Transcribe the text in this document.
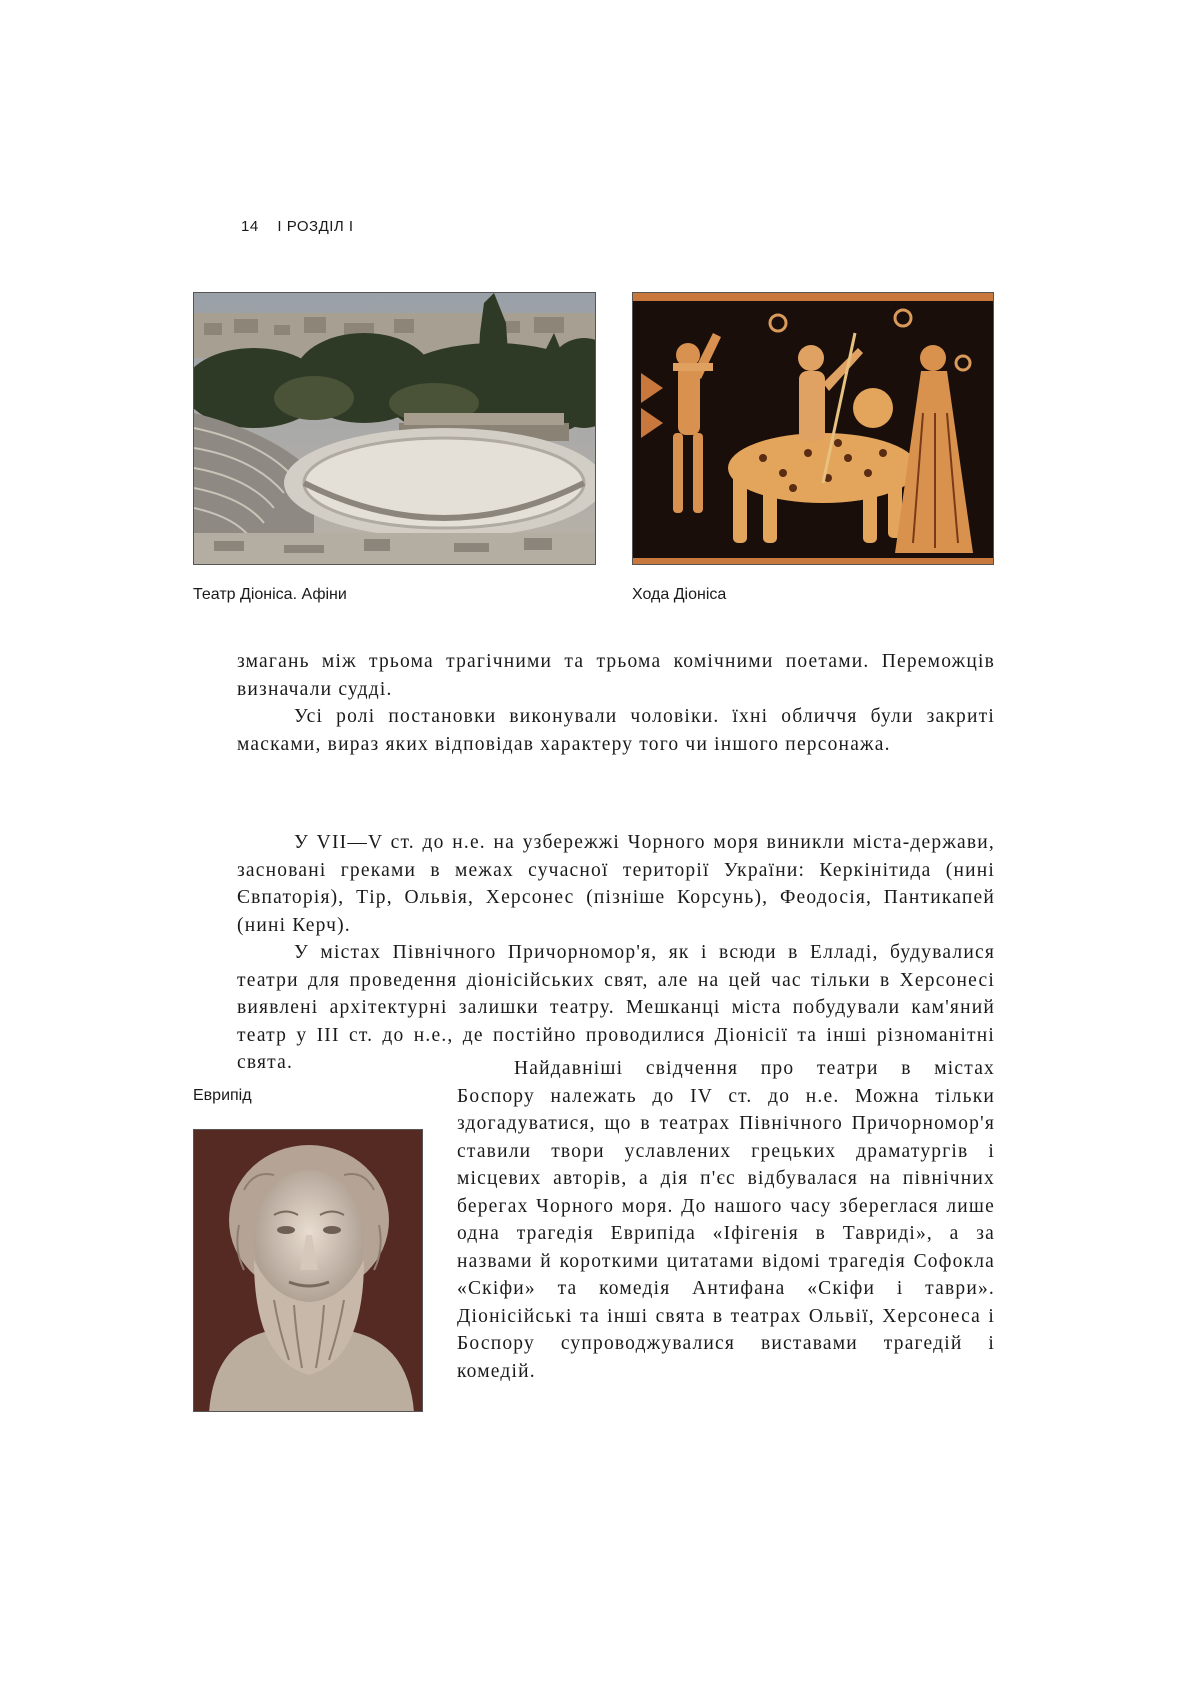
14 I РОЗДІЛ I
Театр Діоніса. Афіни	Хода Діоніса

змагань між трьома трагічними та трьома комічними поетами. Переможців визначали судді.

Усі ролі постановки виконували чоловіки. їхні обличчя були закриті масками, вираз яких відповідав характеру того чи іншого персонажа.

У VII—V ст. до н.е. на узбережжі Чорного моря виникли міста-держави, засновані греками в межах сучасної території України: Керкінітида (нині Євпаторія), Тір, Ольвія, Херсонес (пізніше Корсунь), Феодосія, Пантикапей (нині Керч).

У містах Північного Причорномор'я, як і всюди в Елладі, будувалися театри для проведення діонісійських свят, але на цей час тільки в Херсонесі виявлені архітектурні залишки театру. Мешканці міста побудували кам'яний театр у III ст. до н.е., де постійно проводилися Діонісії та інші різноманітні свята.

Еврипід

Найдавніші свідчення про театри в містах Боспору належать до IV ст. до н.е. Можна тільки здогадуватися, що в театрах Північного Причорномор'я ставили твори уславлених грецьких драматургів і місцевих авторів, а дія п'єс відбувалася на північних берегах Чорного моря. До нашого часу збереглася лише одна трагедія Еврипіда «Іфігенія в Тавриді», а за назвами й короткими цитатами відомі трагедія Софокла «Скіфи» та комедія Антифана «Скіфи і таври». Діонісійські та інші свята в театрах Ольвії, Херсонеса і Боспору супроводжувалися виставами трагедій і комедій.
